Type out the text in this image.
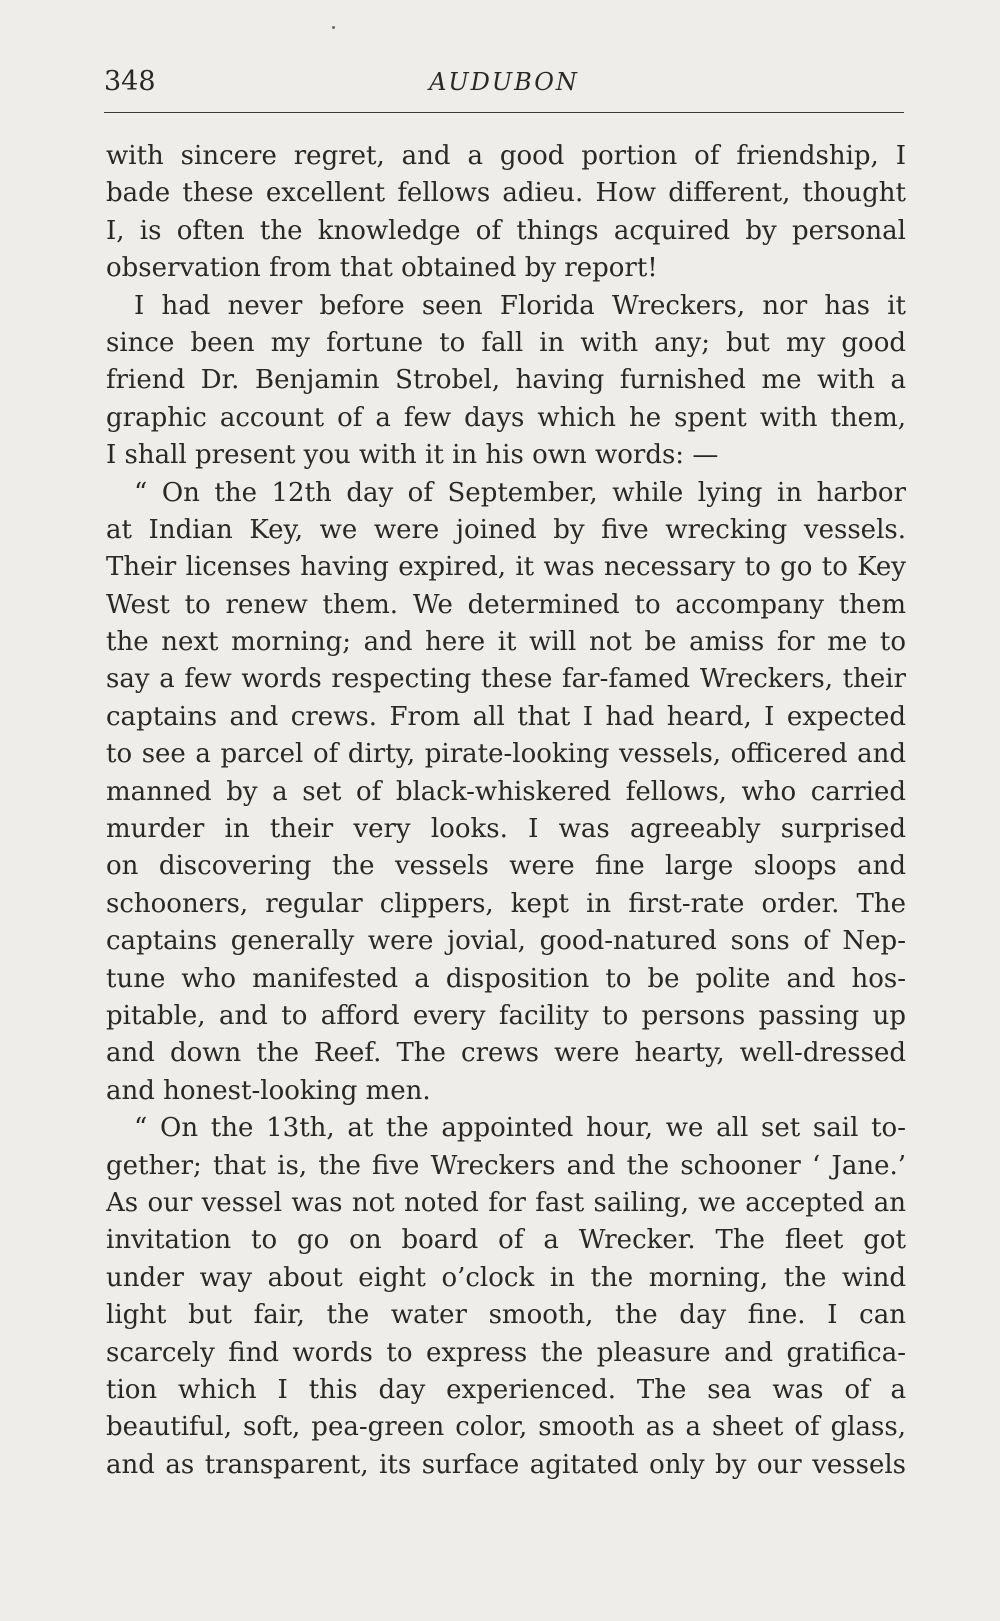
348	AUDUBON
with sincere regret, and a good portion of friendship, I
bade these excellent fellows adieu. How different, thought
I, is often the knowledge of things acquired by personal
observation from that obtained by report!
I had never before seen Florida Wreckers, nor has it
since been my fortune to fall in with any; but my good
friend Dr. Benjamin Strobel, having furnished me with a
graphic account of a few days which he spent with them,
I shall present you with it in his own words: —
“ On the 12th day of September, while lying in harbor
at Indian Key, we were joined by five wrecking vessels.
Their licenses having expired, it was necessary to go to Key
West to renew them. We determined to accompany them
the next morning; and here it will not be amiss for me to
say a few words respecting these far-famed Wreckers, their
captains and crews. From all that I had heard, I expected
to see a parcel of dirty, pirate-looking vessels, officered and
manned by a set of black-whiskered fellows, who carried
murder in their very looks. I was agreeably surprised
on discovering the vessels were fine large sloops and
schooners, regular clippers, kept in first-rate order. The
captains generally were jovial, good-natured sons of Nep-
tune who manifested a disposition to be polite and hos-
pitable, and to afford every facility to persons passing up
and down the Reef. The crews were hearty, well-dressed
and honest-looking men.
“ On the 13th, at the appointed hour, we all set sail to-
gether; that is, the five Wreckers and the schooner ‘ Jane.’
As our vessel was not noted for fast sailing, we accepted an
invitation to go on board of a Wrecker. The fleet got
under way about eight o’clock in the morning, the wind
light but fair, the water smooth, the day fine. I can
scarcely find words to express the pleasure and gratifica-
tion which I this day experienced. The sea was of a
beautiful, soft, pea-green color, smooth as a sheet of glass,
and as transparent, its surface agitated only by our vessels
